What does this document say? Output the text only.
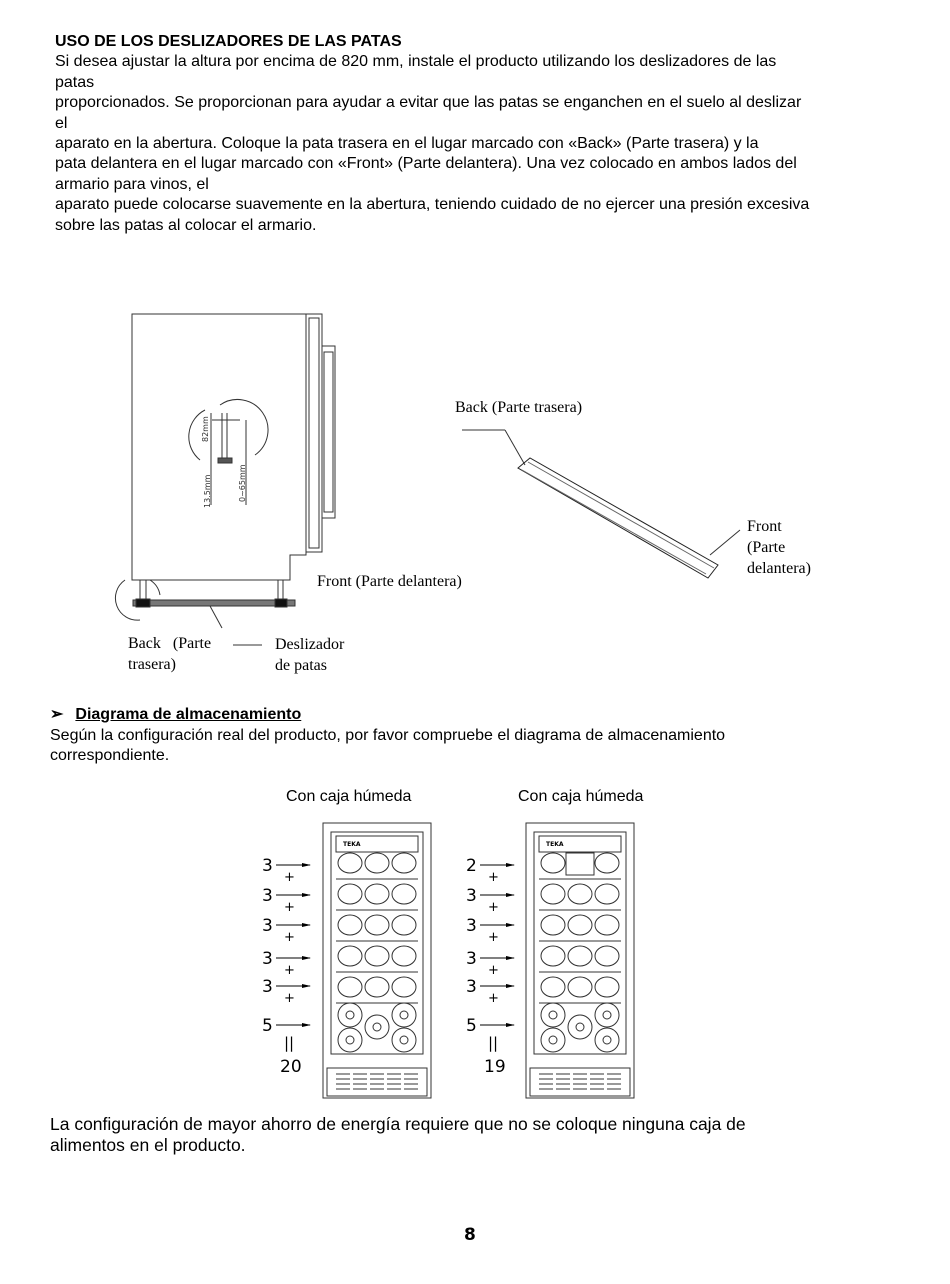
USO DE LOS DESLIZADORES DE LAS PATAS
Si desea ajustar la altura por encima de 820 mm, instale el producto utilizando los deslizadores de las
patas
proporcionados. Se proporcionan para ayudar a evitar que las patas se enganchen en el suelo al deslizar
el
aparato en la abertura. Coloque la pata trasera en el lugar marcado con «Back» (Parte trasera) y la
pata delantera en el lugar marcado con «Front» (Parte delantera). Una vez colocado en ambos lados del
armario para vinos, el
aparato puede colocarse suavemente en la abertura, teniendo cuidado de no ejercer una presión excesiva
sobre las patas al colocar el armario.
82mm
13.5mm	0~65mm
Front (Parte delantera)
Back   (Parte
trasera)
Deslizador
de patas
Back (Parte trasera)
Front
(Parte
delantera)
➢ Diagrama de almacenamiento
Según la configuración real del producto, por favor compruebe el diagrama de almacenamiento
correspondiente.
Con caja húmeda	Con caja húmeda
TEKA
3
+
3
+
3
+
3
+
3
+
5
||
20
TEKA
2
+
3
+
3
+
3
+
3
+
5
||
19
La configuración de mayor ahorro de energía requiere que no se coloque ninguna caja de
alimentos en el producto.
8
